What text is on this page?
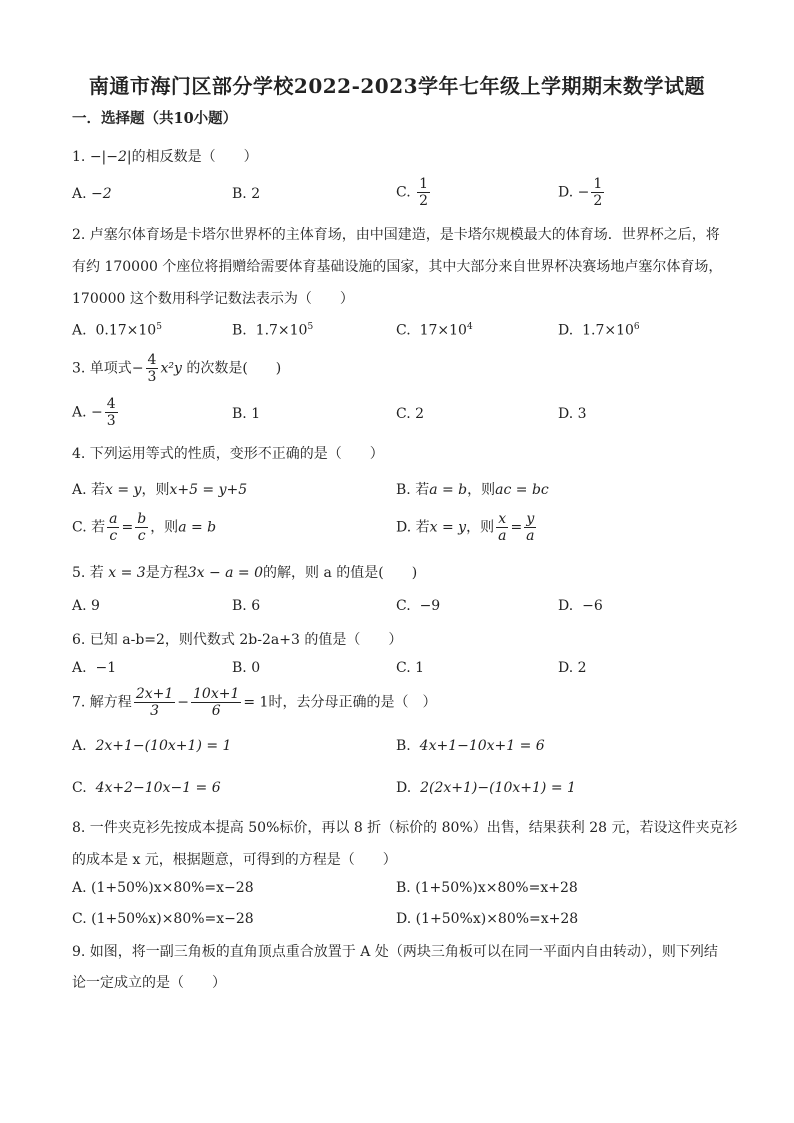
南通市海门区部分学校2022-2023学年七年级上学期期末数学试题
一．选择题（共10小题）
1. −|−2|的相反数是（　　）
A. −2	B. 2	C. $\frac{1}{2}$	D. − $\frac{1}{2}$
2. 卢塞尔体育场是卡塔尔世界杯的主体育场，由中国建造，是卡塔尔规模最大的体育场．世界杯之后，将
有约 170000 个座位将捐赠给需要体育基础设施的国家，其中大部分来自世界杯决赛场地卢塞尔体育场，
170000 这个数用科学记数法表示为（　　）
A. $0.17\times 10^5$	B. $1.7\times 10^5$	C. $17\times 10^4$	D. $1.7\times 10^6$
3. 单项式− $\frac{4}{3} x^2y$ 的次数是(　　)
A. − $\frac{4}{3}$	B. 1	C. 2	D. 3
4. 下列运用等式的性质，变形不正确的是（　　）
A. 若x = y，则x+5 = y+5	B. 若a = b，则ac = bc
C. 若 $\frac{a}{c} = \frac{b}{c}$ ，则a = b	D. 若x = y，则 $\frac{x}{a} = \frac{y}{a}$
5. 若 x = 3是方程3x − a = 0的解，则 a 的值是(　　)
A. 9	B. 6	C. −9	D. −6
6. 已知 a-b=2，则代数式 2b-2a+3 的值是（　　）
A. −1	B. 0	C. 1	D. 2
7. 解方程 $\frac{2x+1}{3} - \frac{10x+1}{6} = 1$时，去分母正确的是（　）
A. 2x+1−(10x+1) = 1	B. 4x+1−10x+1 = 6
C. 4x+2−10x−1 = 6	D. 2(2x+1)−(10x+1) = 1
8. 一件夹克衫先按成本提高 50%标价，再以 8 折（标价的 80%）出售，结果获利 28 元，若设这件夹克衫
的成本是 x 元，根据题意，可得到的方程是（　　）
A. (1+50%)x×80%=x−28	B. (1+50%)x×80%=x+28
C. (1+50%x)×80%=x−28	D. (1+50%x)×80%=x+28
9. 如图，将一副三角板的直角顶点重合放置于 A 处（两块三角板可以在同一平面内自由转动），则下列结
论一定成立的是（　　）
